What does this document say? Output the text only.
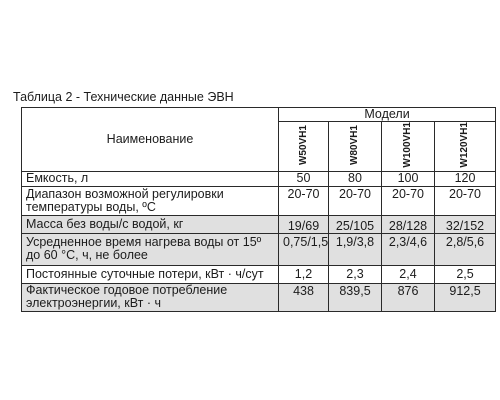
Таблица 2 - Технические данные ЭВН
Наименование	Модели			
	W50VH1	W80VH1	W100VH1	W120VH1
Емкость, л	50	80	100	120
Диапазон возможной регулировки температуры воды, ºС	20-70	20-70	20-70	20-70
Масса без воды/с водой, кг	19/69	25/105	28/128	32/152
Усредненное время нагрева воды от 15º до 60 °С, ч, не более	0,75/1,5	1,9/3,8	2,3/4,6	2,8/5,6
Постоянные суточные потери, кВт · ч/сут	1,2	2,3	2,4	2,5
Фактическое годовое потребление электроэнергии, кВт · ч	438	839,5	876	912,5
